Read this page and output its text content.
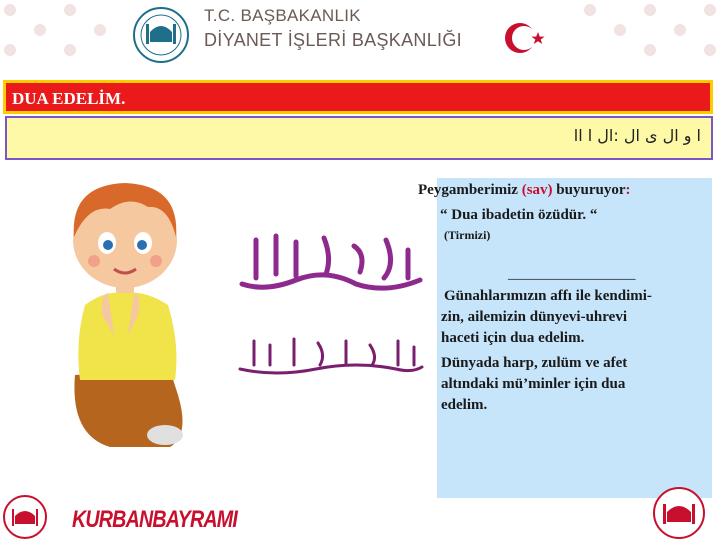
T.C. BAŞBAKANLIK
DİYANET İŞLERİ BAŞKANLIĞI
DUA EDELİM.
ا و ال ى ال :ال ا اا
Peygamberimiz (sav) buyuruyor:
“ Dua ibadetin özüdür. “
(Tirmizi)
_________________
Günahlarımızın affı ile kendimi-
zin, ailemizin dünyevi-uhrevi
haceti için dua edelim.
Dünyada harp, zulüm ve afet
altındaki mü’minler için dua
edelim.
KURBANBAYRAMI
